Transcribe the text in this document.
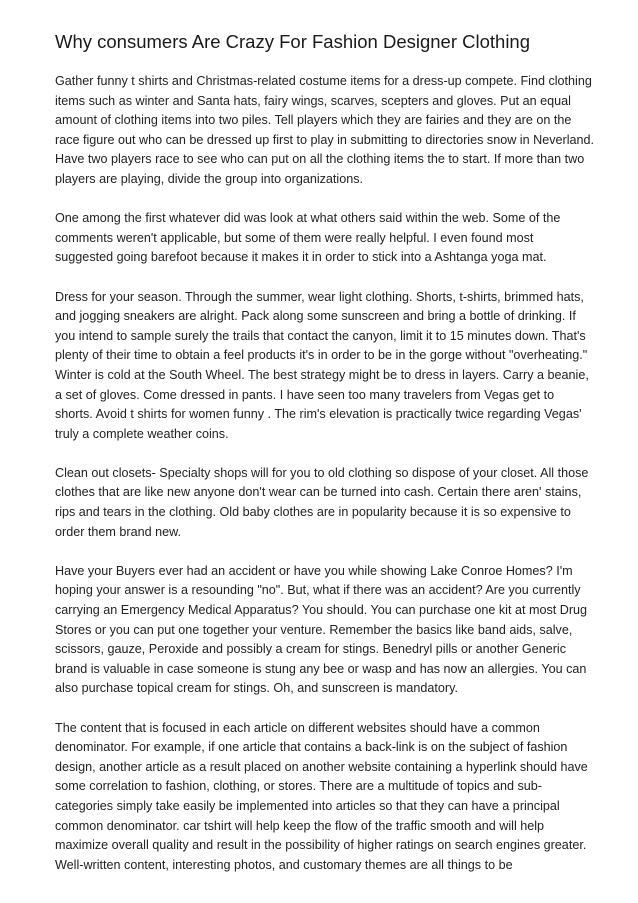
Why consumers Are Crazy For Fashion Designer Clothing

Gather funny t shirts and Christmas-related costume items for a dress-up compete. Find clothing items such as winter and Santa hats, fairy wings, scarves, scepters and gloves. Put an equal amount of clothing items into two piles. Tell players which they are fairies and they are on the race figure out who can be dressed up first to play in submitting to directories snow in Neverland. Have two players race to see who can put on all the clothing items the to start. If more than two players are playing, divide the group into organizations.

One among the first whatever did was look at what others said within the web. Some of the comments weren't applicable, but some of them were really helpful. I even found most suggested going barefoot because it makes it in order to stick into a Ashtanga yoga mat.

Dress for your season. Through the summer, wear light clothing. Shorts, t-shirts, brimmed hats, and jogging sneakers are alright. Pack along some sunscreen and bring a bottle of drinking. If you intend to sample surely the trails that contact the canyon, limit it to 15 minutes down. That's plenty of their time to obtain a feel products it's in order to be in the gorge without "overheating." Winter is cold at the South Wheel. The best strategy might be to dress in layers. Carry a beanie, a set of gloves. Come dressed in pants. I have seen too many travelers from Vegas get to shorts. Avoid t shirts for women funny . The rim's elevation is practically twice regarding Vegas' truly a complete weather coins.

Clean out closets- Specialty shops will for you to old clothing so dispose of your closet. All those clothes that are like new anyone don't wear can be turned into cash. Certain there aren' stains, rips and tears in the clothing. Old baby clothes are in popularity because it is so expensive to order them brand new.

Have your Buyers ever had an accident or have you while showing Lake Conroe Homes? I'm hoping your answer is a resounding "no". But, what if there was an accident? Are you currently carrying an Emergency Medical Apparatus? You should. You can purchase one kit at most Drug Stores or you can put one together your venture. Remember the basics like band aids, salve, scissors, gauze, Peroxide and possibly a cream for stings. Benedryl pills or another Generic brand is valuable in case someone is stung any bee or wasp and has now an allergies. You can also purchase topical cream for stings. Oh, and sunscreen is mandatory.

The content that is focused in each article on different websites should have a common denominator. For example, if one article that contains a back-link is on the subject of fashion design, another article as a result placed on another website containing a hyperlink should have some correlation to fashion, clothing, or stores. There are a multitude of topics and sub-categories simply take easily be implemented into articles so that they can have a principal common denominator. car tshirt will help keep the flow of the traffic smooth and will help maximize overall quality and result in the possibility of higher ratings on search engines greater. Well-written content, interesting photos, and customary themes are all things to be
